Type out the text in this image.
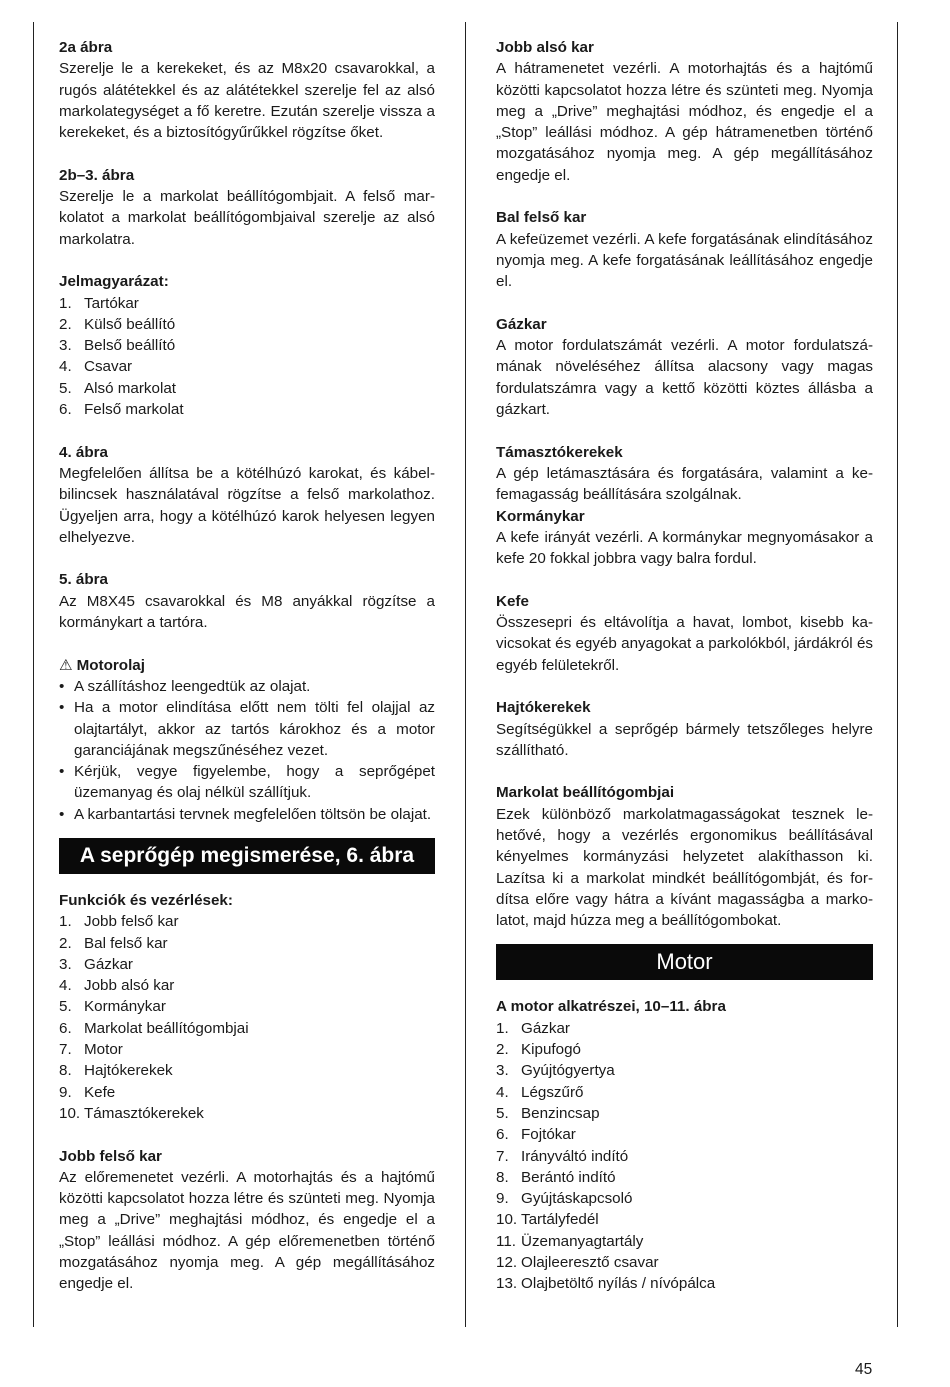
2a ábra

Szerelje le a kerekeket, és az M8x20 csavarokkal, a rugós alátétekkel és az alátétekkel szerelje fel az alsó markolategységet a fő keretre. Ezután szerelje vissza a kerekeket, és a biztosítógyűrűkkel rögzítse őket.

2b–3. ábra

Szerelje le a markolat beállítógombjait. A felső markolatot a markolat beállítógombjaival szerelje az alsó markolatra.

Jelmagyarázat:

1. Tartókar
2. Külső beállító
3. Belső beállító
4. Csavar
5. Alsó markolat
6. Felső markolat

4. ábra

Megfelelően állítsa be a kötélhúzó karokat, és kábelbilincsek használatával rögzítse a felső markolathoz. Ügyeljen arra, hogy a kötélhúzó karok helyesen legyen elhelyezve.

5. ábra

Az M8X45 csavarokkal és M8 anyákkal rögzítse a kormánykart a tartóra.

⚠ Motorolaj

• A szállításhoz leengedtük az olajat.
• Ha a motor elindítása előtt nem tölti fel olajjal az olajtartályt, akkor az tartós károkhoz és a motor garanciájának megszűnéséhez vezet.
• Kérjük, vegye figyelembe, hogy a seprőgépet üzemanyag és olaj nélkül szállítjuk.
• A karbantartási tervnek megfelelően töltsön be olajat.
A seprőgép megismerése, 6. ábra

Funkciók és vezérlések:

1. Jobb felső kar
2. Bal felső kar
3. Gázkar
4. Jobb alsó kar
5. Kormánykar
6. Markolat beállítógombjai
7. Motor
8. Hajtókerekek
9. Kefe
10. Támasztókerekek

Jobb felső kar

Az előremenetet vezérli. A motorhajtás és a hajtómű közötti kapcsolatot hozza létre és szünteti meg. Nyomja meg a „Drive” meghajtási módhoz, és engedje el a „Stop” leállási módhoz. A gép előremenetben történő mozgatásához nyomja meg. A gép megállításához engedje el.

Jobb alsó kar

A hátramenetet vezérli. A motorhajtás és a hajtómű közötti kapcsolatot hozza létre és szünteti meg. Nyomja meg a „Drive” meghajtási módhoz, és engedje el a „Stop” leállási módhoz. A gép hátramenetben történő mozgatásához nyomja meg. A gép megállításához engedje el.

Bal felső kar

A kefeüzemet vezérli. A kefe forgatásának elindításához nyomja meg. A kefe forgatásának leállításához engedje el.

Gázkar

A motor fordulatszámát vezérli. A motor fordulatszámának növeléséhez állítsa alacsony vagy magas fordulatszámra vagy a kettő közötti köztes állásba a gázkart.

Támasztókerekek

A gép letámasztására és forgatására, valamint a kefemagasság beállítására szolgálnak.

Kormánykar

A kefe irányát vezérli. A kormánykar megnyomásakor a kefe 20 fokkal jobbra vagy balra fordul.

Kefe

Összesepri és eltávolítja a havat, lombot, kisebb kavicsokat és egyéb anyagokat a parkolókból, járdákról és egyéb felületekről.

Hajtókerekek

Segítségükkel a seprőgép bármely tetszőleges helyre szállítható.

Markolat beállítógombjai

Ezek különböző markolatmagasságokat tesznek lehetővé, hogy a vezérlés ergonomikus beállításával kényelmes kormányzási helyzetet alakíthasson ki. Lazítsa ki a markolat mindkét beállítógombját, és fordítsa előre vagy hátra a kívánt magasságba a markolatot, majd húzza meg a beállítógombokat.

Motor

A motor alkatrészei, 10–11. ábra

1. Gázkar
2. Kipufogó
3. Gyújtógyertya
4. Légszűrő
5. Benzincsap
6. Fojtókar
7. Irányváltó indító
8. Berántó indító
9. Gyújtáskapcsoló
10. Tartályfedél
11. Üzemanyagtartály
12. Olajleeresztő csavar
13. Olajbetöltő nyílás / nívópálca
45
